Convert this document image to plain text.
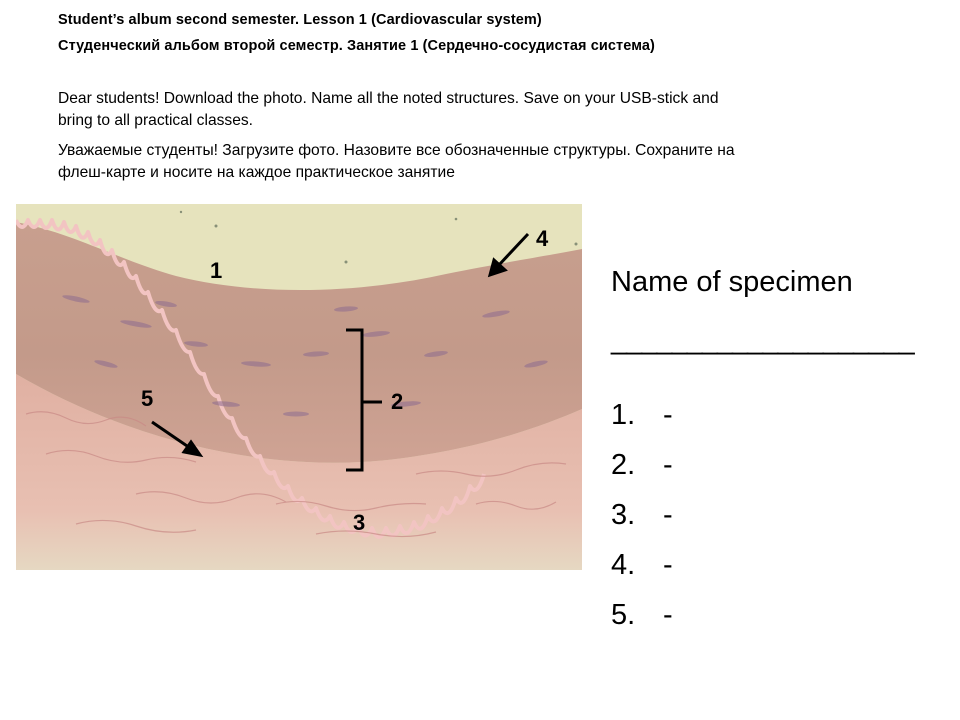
Student’s album second semester. Lesson 1 (Cardiovascular system)
Студенческий альбом второй семестр. Занятие 1 (Сердечно-сосудистая система)
Dear students! Download the photo. Name all the noted structures. Save on your USB-stick and
bring to all practical classes.
Уважаемые студенты! Загрузите фото. Назовите все обозначенные структуры. Сохраните на
флеш-карте и носите на каждое практическое занятие
1
2
3
4
5
Name of specimen
____________________
1. -
2. -
3. -
4. -
5. -
